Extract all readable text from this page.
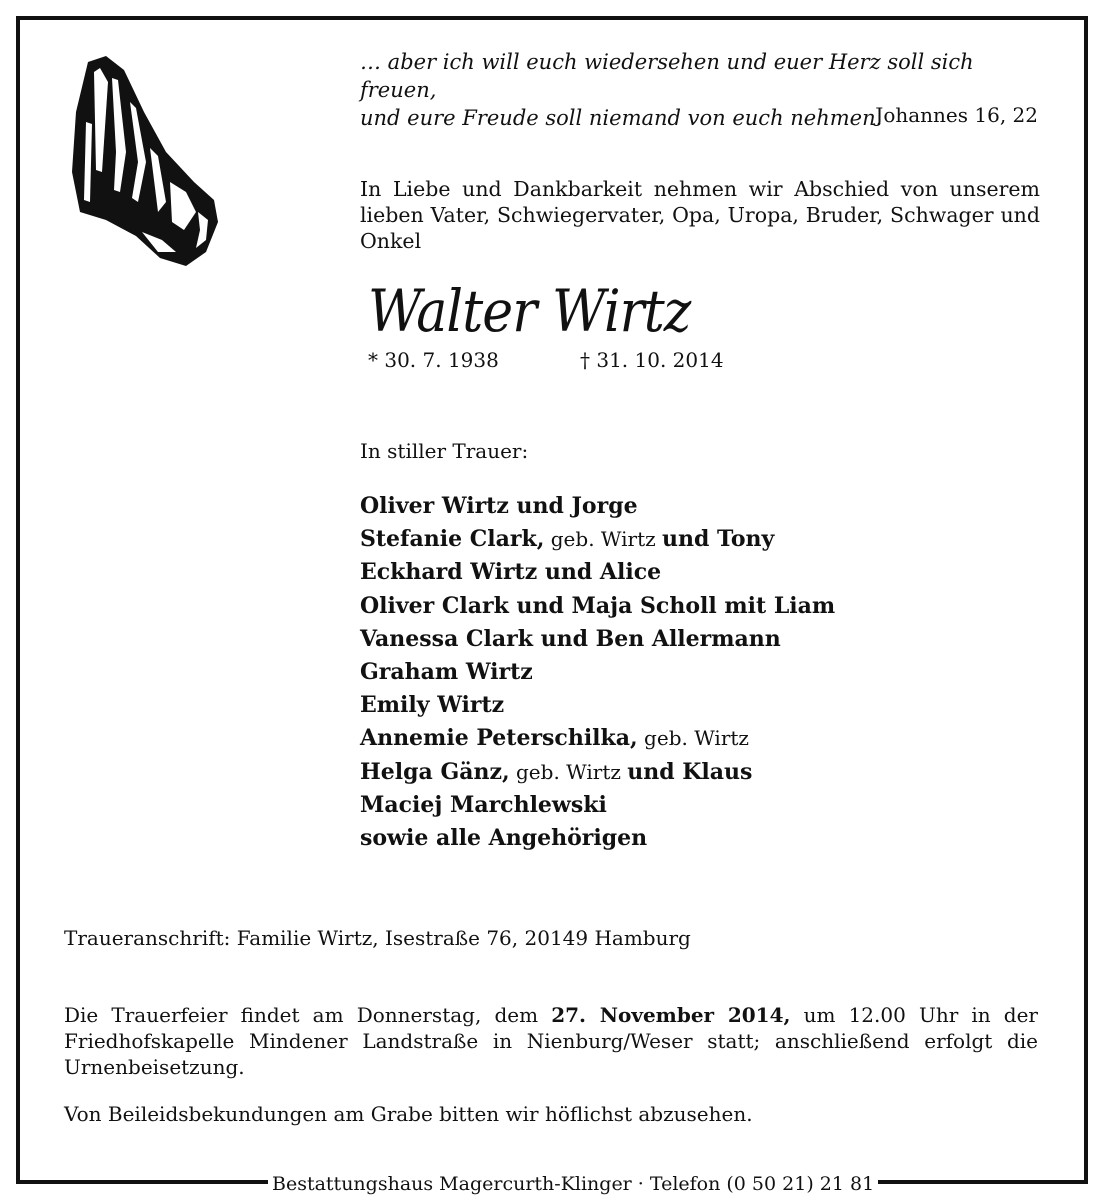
… aber ich will euch wiedersehen und euer Herz soll sich freuen,
und eure Freude soll niemand von euch nehmen.
Johannes 16, 22
In Liebe und Dankbarkeit nehmen wir Abschied von unserem lieben Vater, Schwiegervater, Opa, Uropa, Bruder, Schwager und Onkel
Walter Wirtz
* 30. 7. 1938	† 31. 10. 2014
In stiller Trauer:
Oliver Wirtz und Jorge
Stefanie Clark, geb. Wirtz und Tony
Eckhard Wirtz und Alice
Oliver Clark und Maja Scholl mit Liam
Vanessa Clark und Ben Allermann
Graham Wirtz
Emily Wirtz
Annemie Peterschilka, geb. Wirtz
Helga Gänz, geb. Wirtz und Klaus
Maciej Marchlewski
sowie alle Angehörigen
Traueranschrift: Familie Wirtz, Isestraße 76, 20149 Hamburg
Die Trauerfeier findet am Donnerstag, dem 27. November 2014, um 12.00 Uhr in der Friedhofskapelle Mindener Landstraße in Nienburg/Weser statt; anschließend erfolgt die Urnenbeisetzung.
Von Beileidsbekundungen am Grabe bitten wir höflichst abzusehen.
Bestattungshaus Magercurth-Klinger · Telefon (0 50 21) 21 81
